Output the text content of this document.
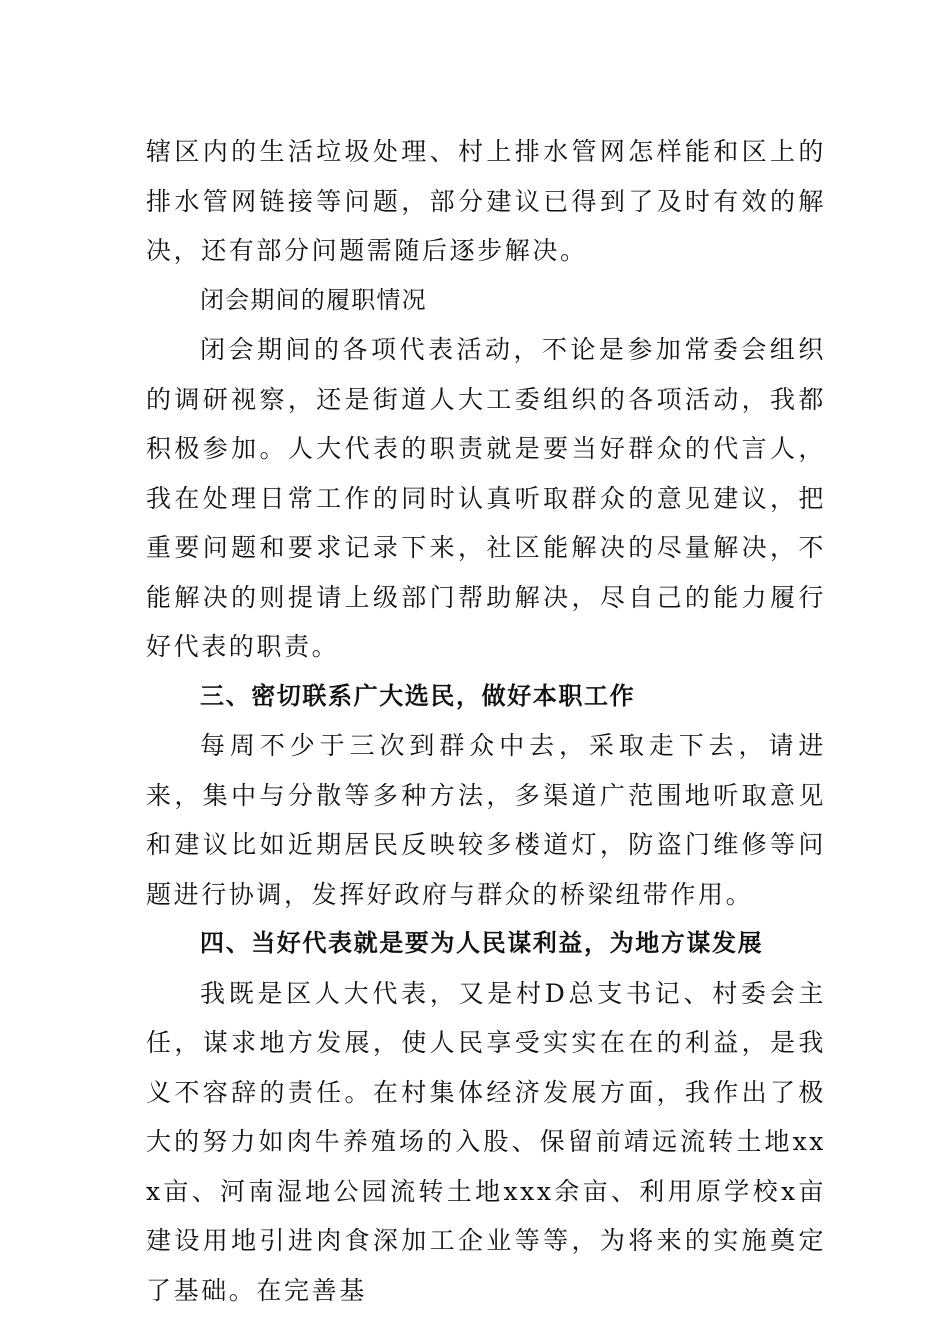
辖区内的生活垃圾处理、村上排水管网怎样能和区上的排水管网链接等问题，部分建议已得到了及时有效的解决，还有部分问题需随后逐步解决。

闭会期间的履职情况

闭会期间的各项代表活动，不论是参加常委会组织的调研视察，还是街道人大工委组织的各项活动，我都积极参加。人大代表的职责就是要当好群众的代言人，我在处理日常工作的同时认真听取群众的意见建议，把重要问题和要求记录下来，社区能解决的尽量解决，不能解决的则提请上级部门帮助解决，尽自己的能力履行好代表的职责。

三、密切联系广大选民，做好本职工作

每周不少于三次到群众中去，采取走下去，请进来，集中与分散等多种方法，多渠道广范围地听取意见和建议比如近期居民反映较多楼道灯，防盗门维修等问题进行协调，发挥好政府与群众的桥梁纽带作用。

四、当好代表就是要为人民谋利益，为地方谋发展

我既是区人大代表，又是村D总支书记、村委会主任，谋求地方发展，使人民享受实实在在的利益，是我义不容辞的责任。在村集体经济发展方面，我作出了极大的努力如肉牛养殖场的入股、保留前靖远流转土地xxx亩、河南湿地公园流转土地xxx余亩、利用原学校x亩建设用地引进肉食深加工企业等等，为将来的实施奠定了基础。在完善基
